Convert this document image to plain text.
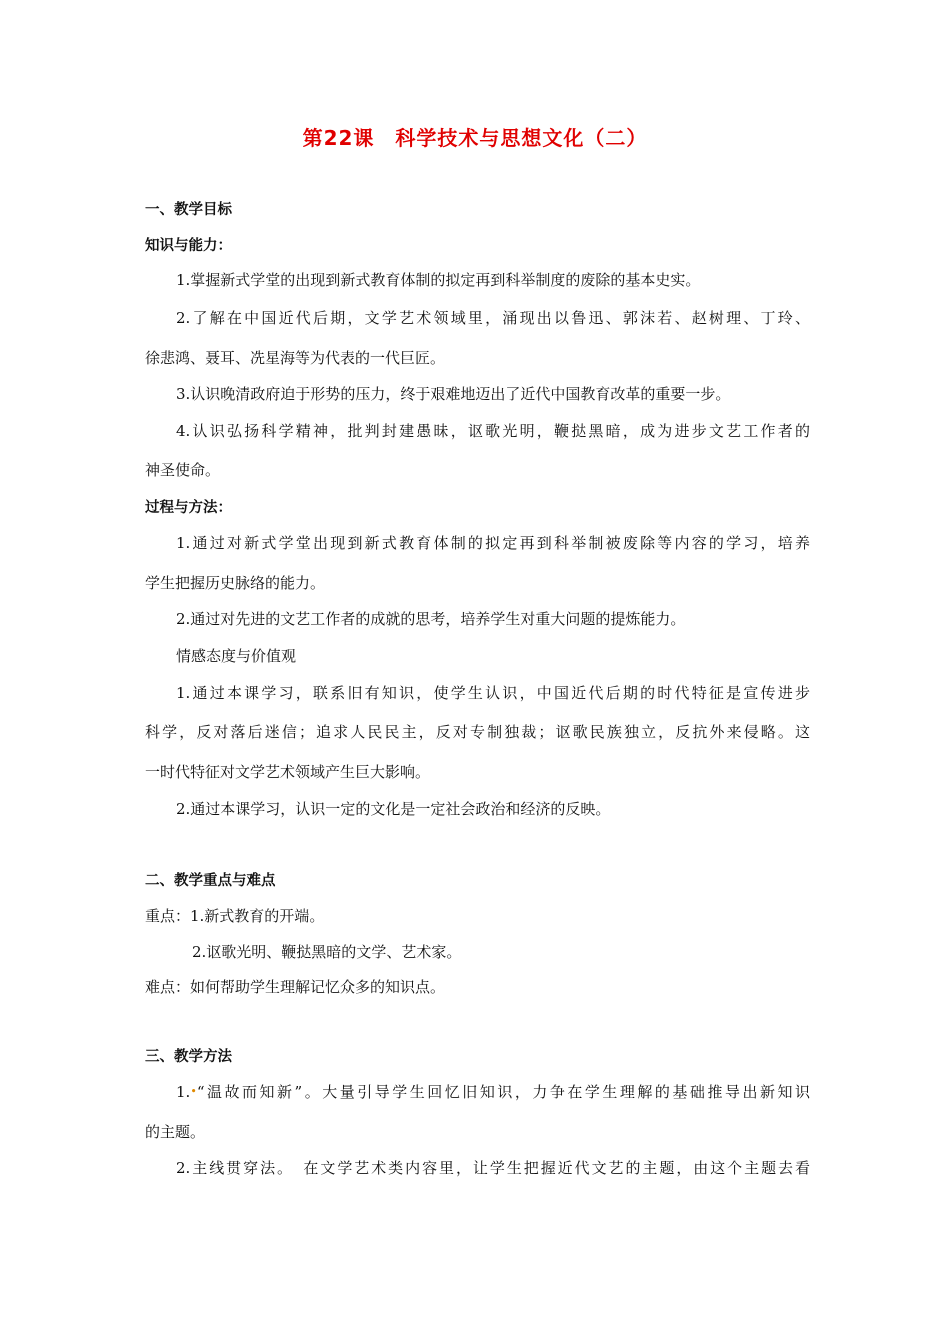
第22课　科学技术与思想文化（二）
一、教学目标
知识与能力：
1.掌握新式学堂的出现到新式教育体制的拟定再到科举制度的废除的基本史实。
2.了解在中国近代后期，文学艺术领域里，涌现出以鲁迅、郭沫若、赵树理、丁玲、
徐悲鸿、聂耳、冼星海等为代表的一代巨匠。
3.认识晚清政府迫于形势的压力，终于艰难地迈出了近代中国教育改革的重要一步。
4.认识弘扬科学精神，批判封建愚昧，讴歌光明，鞭挞黑暗，成为进步文艺工作者的
神圣使命。
过程与方法：
1.通过对新式学堂出现到新式教育体制的拟定再到科举制被废除等内容的学习，培养
学生把握历史脉络的能力。
2.通过对先进的文艺工作者的成就的思考，培养学生对重大问题的提炼能力。
情感态度与价值观
1.通过本课学习，联系旧有知识，使学生认识，中国近代后期的时代特征是宣传进步
科学，反对落后迷信；追求人民民主，反对专制独裁；讴歌民族独立，反抗外来侵略。这
一时代特征对文学艺术领域产生巨大影响。
2.通过本课学习，认识一定的文化是一定社会政治和经济的反映。
二、教学重点与难点
重点：1.新式教育的开端。
2.讴歌光明、鞭挞黑暗的文学、艺术家。
难点：如何帮助学生理解记忆众多的知识点。
三、教学方法
1.•“温故而知新”。大量引导学生回忆旧知识，力争在学生理解的基础推导出新知识
的主题。
2.主线贯穿法。　在文学艺术类内容里，让学生把握近代文艺的主题，由这个主题去看
